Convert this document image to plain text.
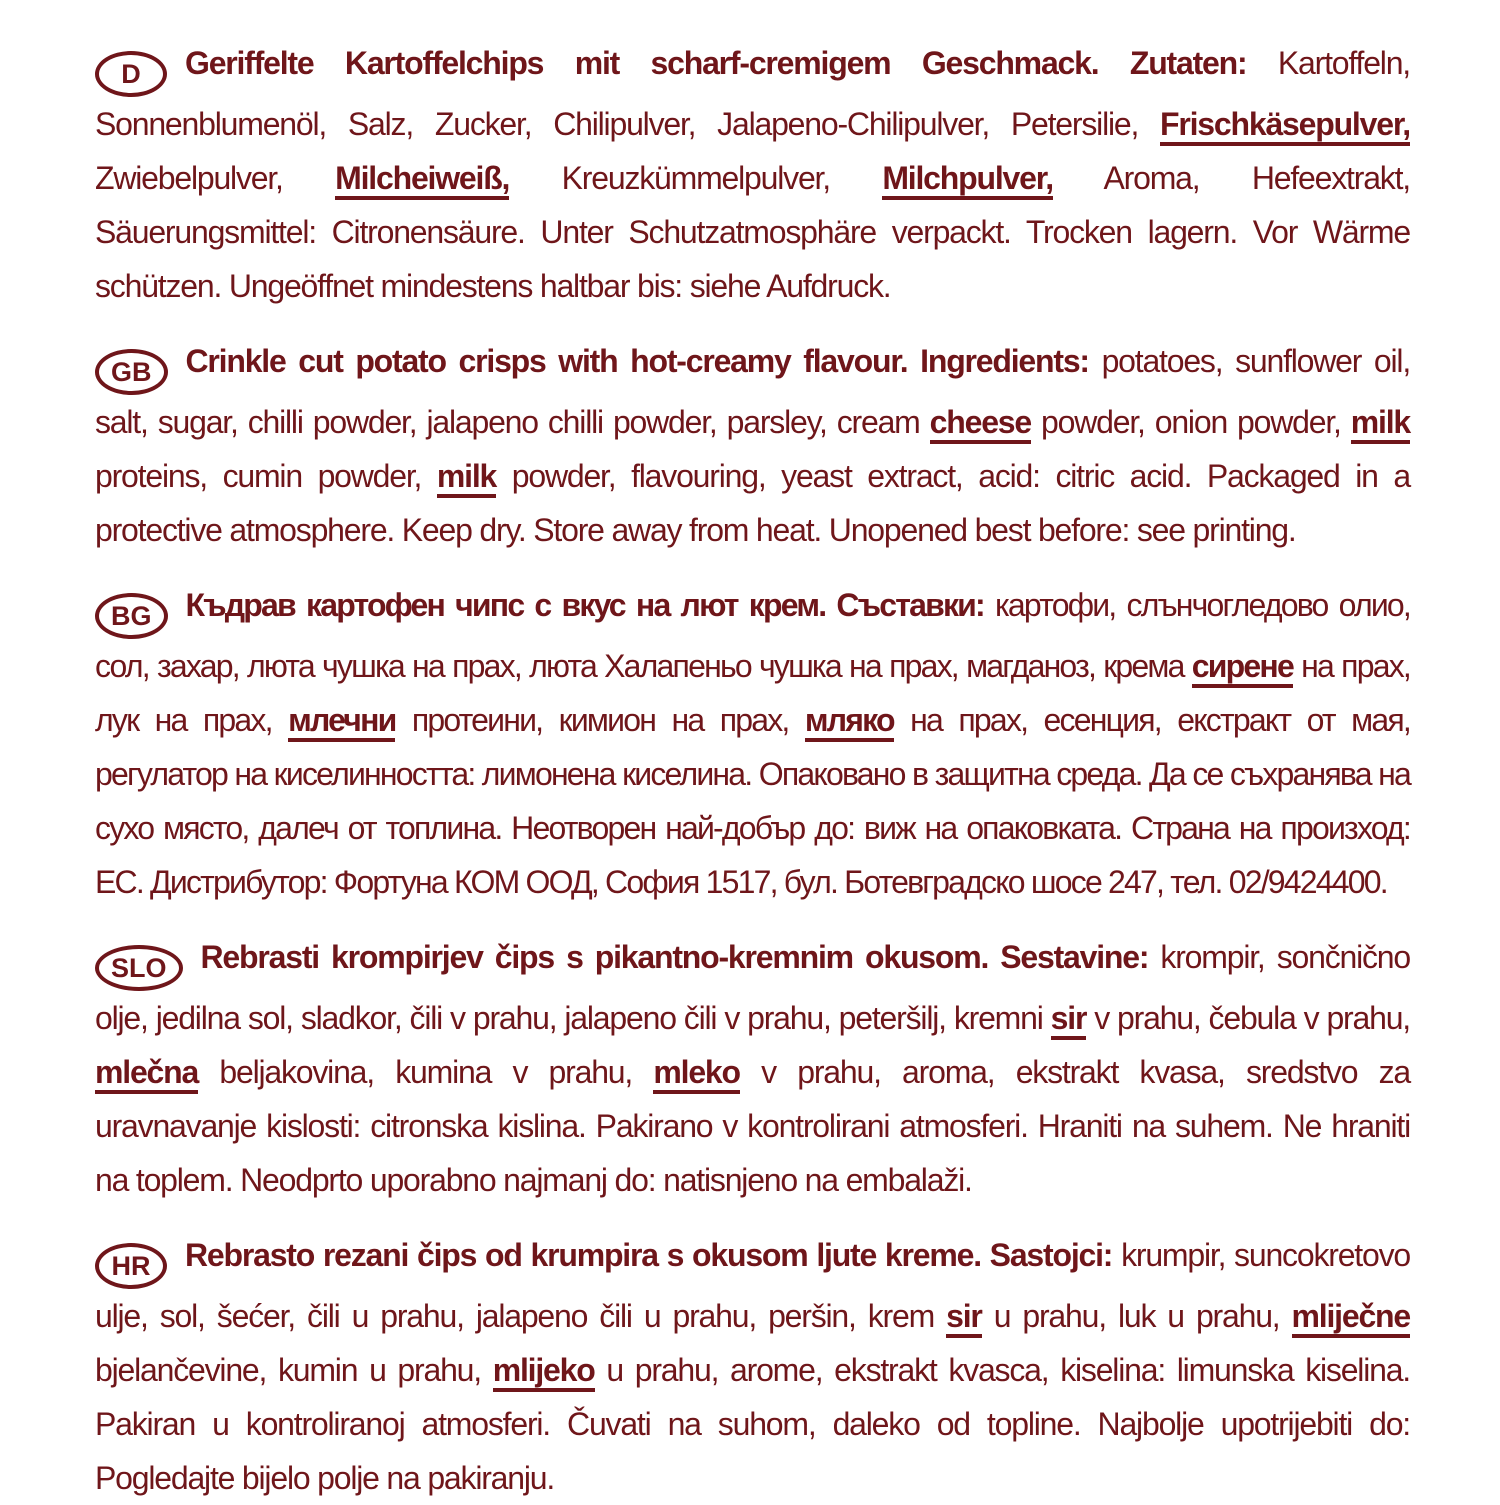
D Geriffelte Kartoffelchips mit scharf-cremigem Geschmack. Zutaten: Kartoffeln, Sonnenblumenöl, Salz, Zucker, Chilipulver, Jalapeno-Chilipulver, Petersilie, Frischkäsepulver, Zwiebelpulver, Milcheiweiß, Kreuzkümmelpulver, Milchpulver, Aroma, Hefeextrakt, Säuerungsmittel: Citronensäure. Unter Schutzatmosphäre verpackt. Trocken lagern. Vor Wärme schützen. Ungeöffnet mindestens haltbar bis: siehe Aufdruck.

GB Crinkle cut potato crisps with hot-creamy flavour. Ingredients: potatoes, sunflower oil, salt, sugar, chilli powder, jalapeno chilli powder, parsley, cream cheese powder, onion powder, milk proteins, cumin powder, milk powder, flavouring, yeast extract, acid: citric acid. Packaged in a protective atmosphere. Keep dry. Store away from heat. Unopened best before: see printing.

BG Къдрав картофен чипс с вкус на лют крем. Съставки: картофи, слънчогледово олио, сол, захар, люта чушка на прах, люта Халапеньо чушка на прах, магданоз, крема сирене на прах, лук на прах, млечни протеини, кимион на прах, мляко на прах, есенция, екстракт от мая, регулатор на киселинността: лимонена киселина. Опаковано в защитна среда. Да се съхранява на сухо място, далеч от топлина. Неотворен най-добър до: виж на опаковката. Страна на произход: ЕС. Дистрибутор: Фортуна КОМ ООД, София 1517, бул. Ботевградско шосе 247, тел. 02/9424400.

SLO Rebrasti krompirjev čips s pikantno-kremnim okusom. Sestavine: krompir, sončnično olje, jedilna sol, sladkor, čili v prahu, jalapeno čili v prahu, peteršilj, kremni sir v prahu, čebula v prahu, mlečna beljakovina, kumina v prahu, mleko v prahu, aroma, ekstrakt kvasa, sredstvo za uravnavanje kislosti: citronska kislina. Pakirano v kontrolirani atmosferi. Hraniti na suhem. Ne hraniti na toplem. Neodprto uporabno najmanj do: natisnjeno na embalaži.

HR Rebrasto rezani čips od krumpira s okusom ljute kreme. Sastojci: krumpir, suncokretovo ulje, sol, šećer, čili u prahu, jalapeno čili u prahu, peršin, krem sir u prahu, luk u prahu, mliječne bjelančevine, kumin u prahu, mlijeko u prahu, arome, ekstrakt kvasca, kiselina: limunska kiselina. Pakiran u kontroliranoj atmosferi. Čuvati na suhom, daleko od topline. Najbolje upotrijebiti do: Pogledajte bijelo polje na pakiranju.
